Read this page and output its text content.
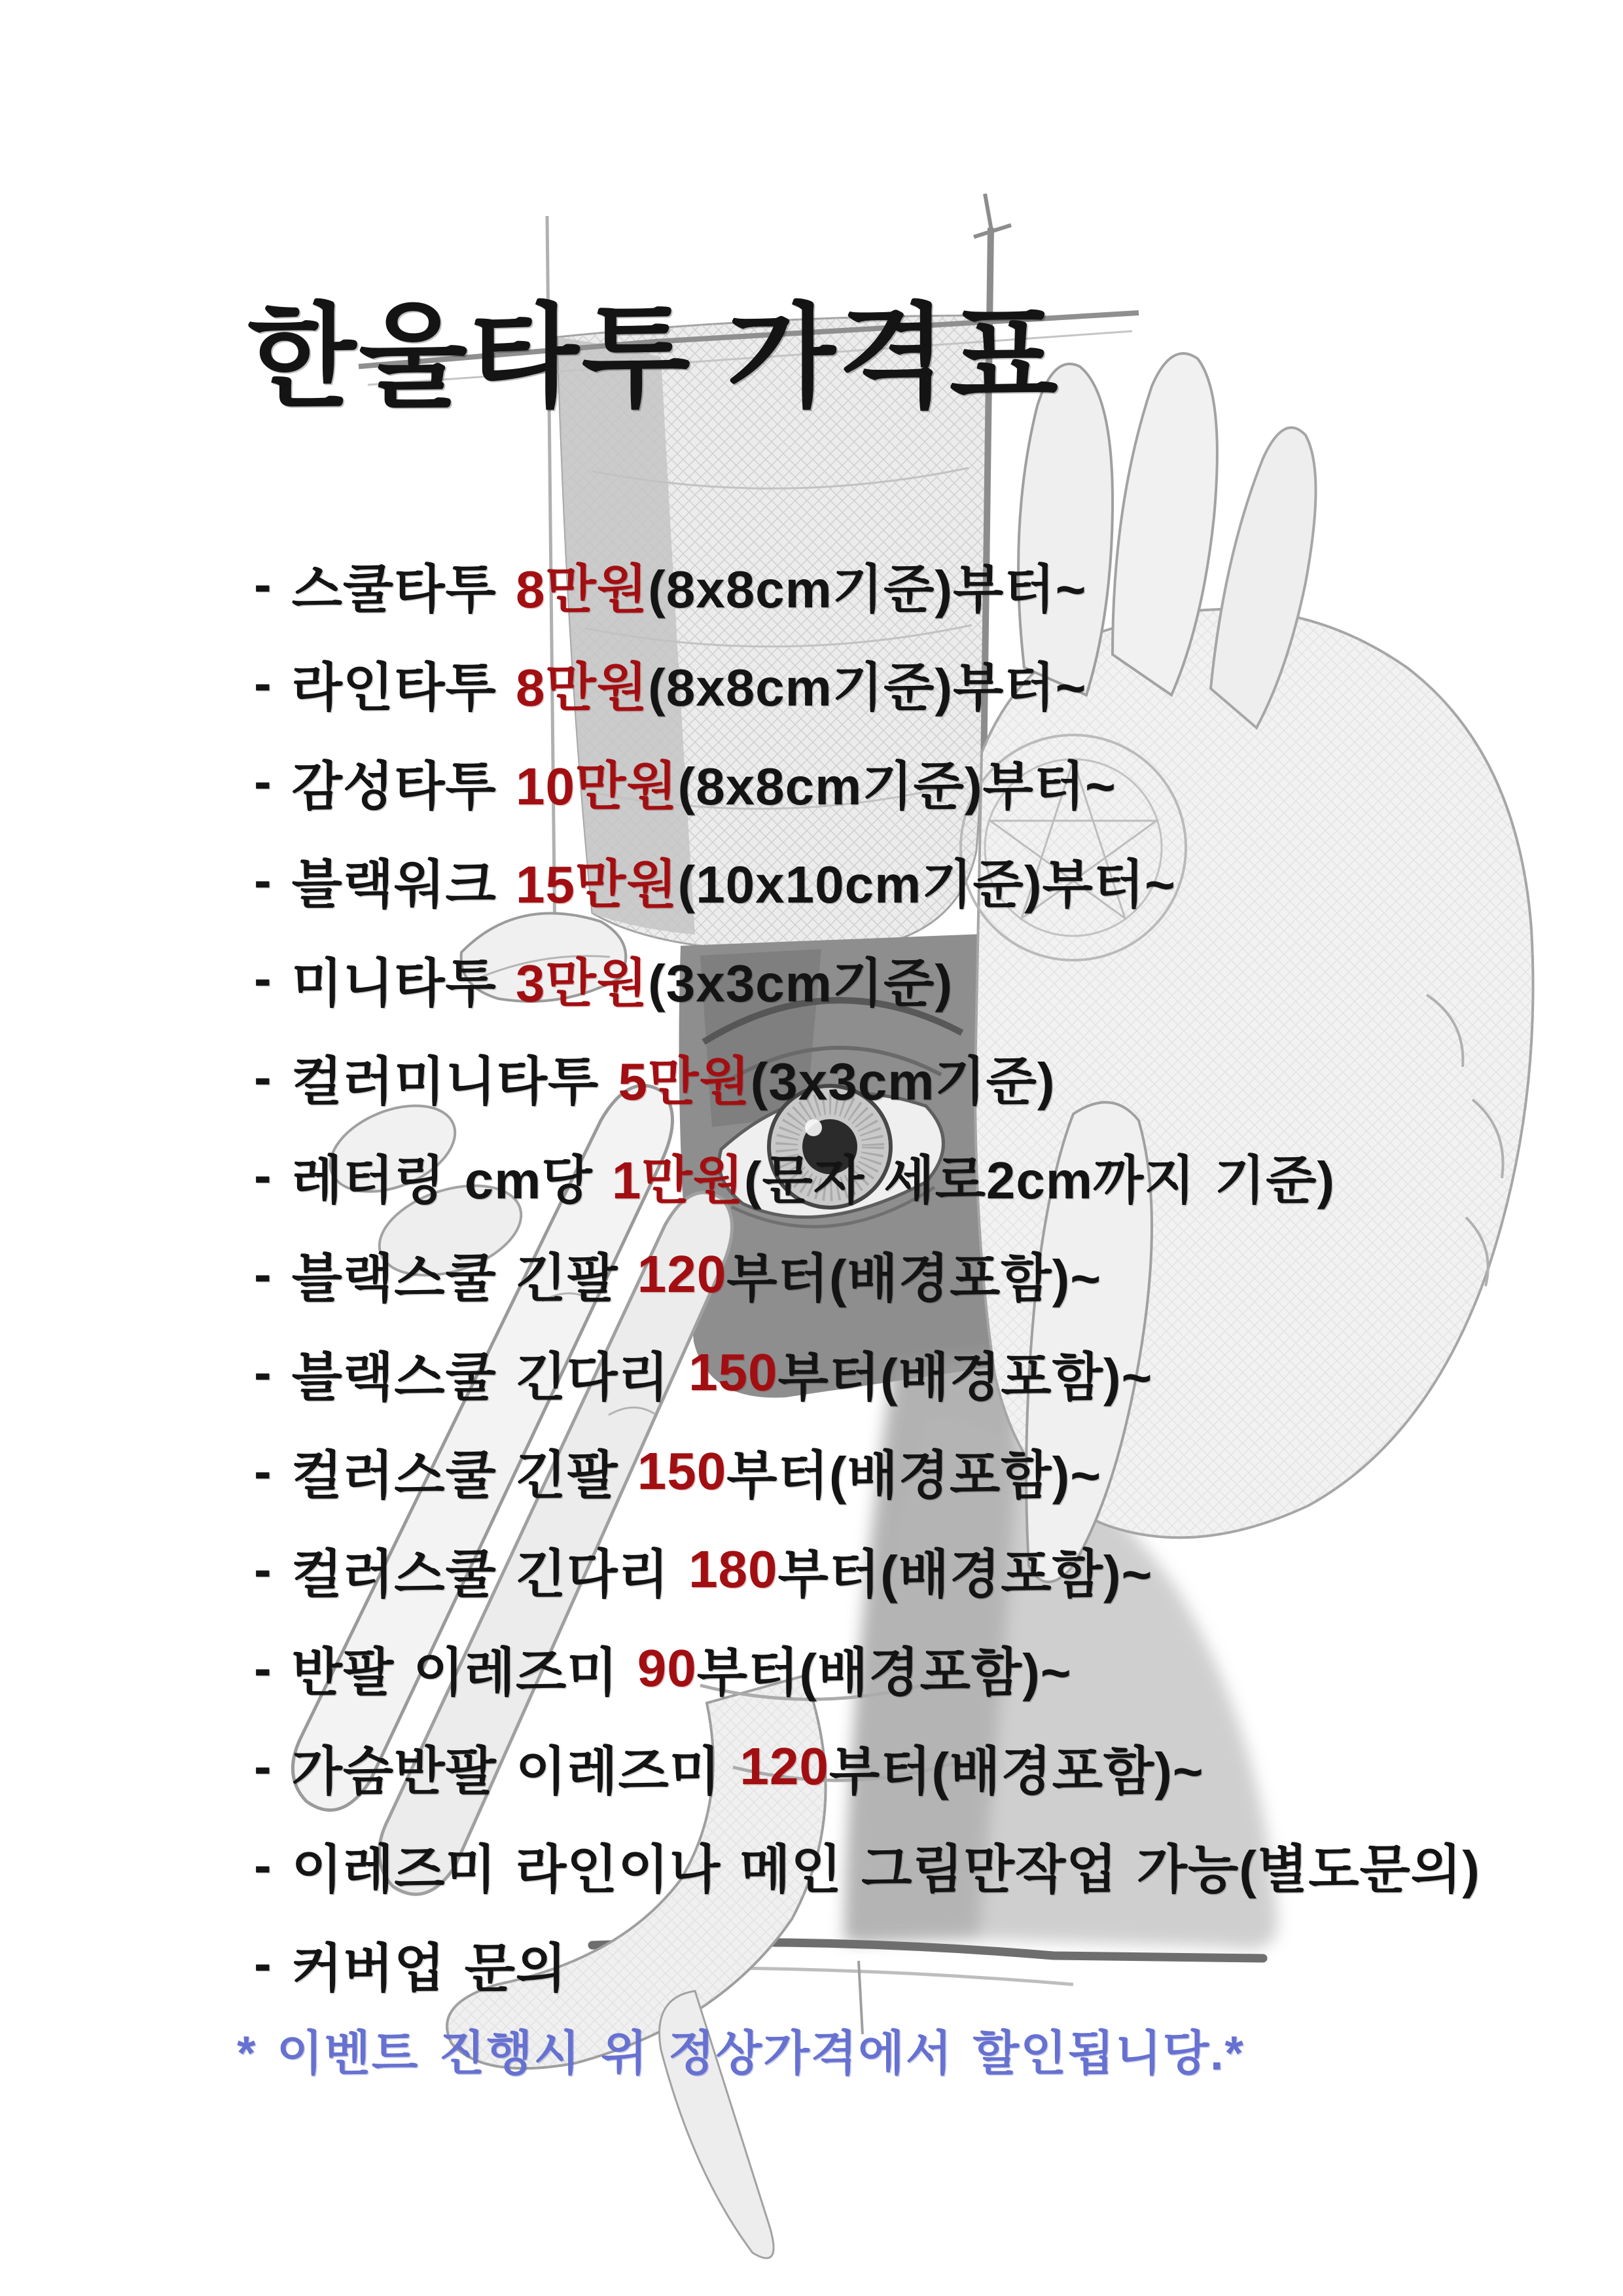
한울타투 가격표
- 스쿨타투 8만원 (8x8cm기준)부터~
- 라인타투 8만원 (8x8cm기준)부터~
- 감성타투 10만원 (8x8cm기준)부터~
- 블랙워크 15만원 (10x10cm기준)부터~
- 미니타투 3만원 (3x3cm기준)
- 컬러미니타투 5만원 (3x3cm기준)
- 레터링 cm당 1만원 (문자 세로2cm까지 기준)
- 블랙스쿨 긴팔 120 부터(배경포함)~
- 블랙스쿨 긴다리 150 부터(배경포함)~
- 컬러스쿨 긴팔 150 부터(배경포함)~
- 컬러스쿨 긴다리 180 부터(배경포함)~
- 반팔 이레즈미 90 부터(배경포함)~
- 가슴반팔 이레즈미 120 부터(배경포함)~
- 이레즈미 라인이나 메인 그림만작업 가능(별도문의)
- 커버업 문의
* 이벤트 진행시 위 정상가격에서 할인됩니당.*
